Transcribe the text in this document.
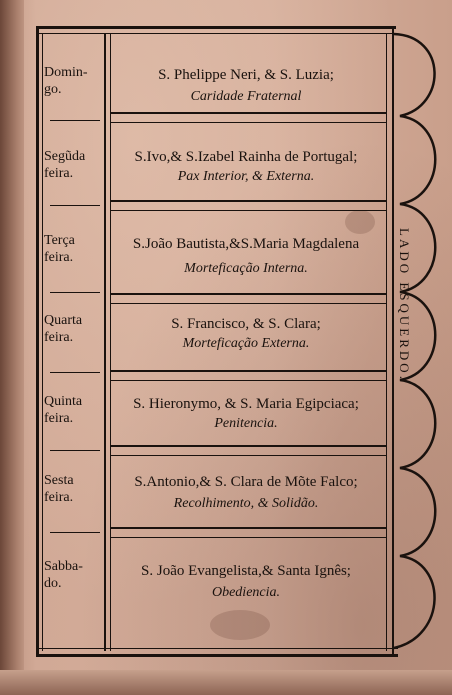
LADO ESQUERDO.
Domin-
go.
S. Phelippe Neri, & S. Luzia;
Caridade Fraternal
Segũda
feira.
S.Ivo,& S.Izabel Rainha de Portugal;
Pax Interior, & Externa.
Terça
feira.
S.João Bautista,&S.Maria Magdalena
Morteficação Interna.
Quarta
feira.
S. Francisco, & S. Clara;
Morteficação Externa.
Quinta
feira.
S. Hieronymo, & S. Maria Egipciaca;
Penitencia.
Sesta
feira.
S.Antonio,& S. Clara de Mõte Falco;
Recolhimento, & Solidão.
Sabba-
do.
S. João Evangelista,& Santa Ignês;
Obediencia.
